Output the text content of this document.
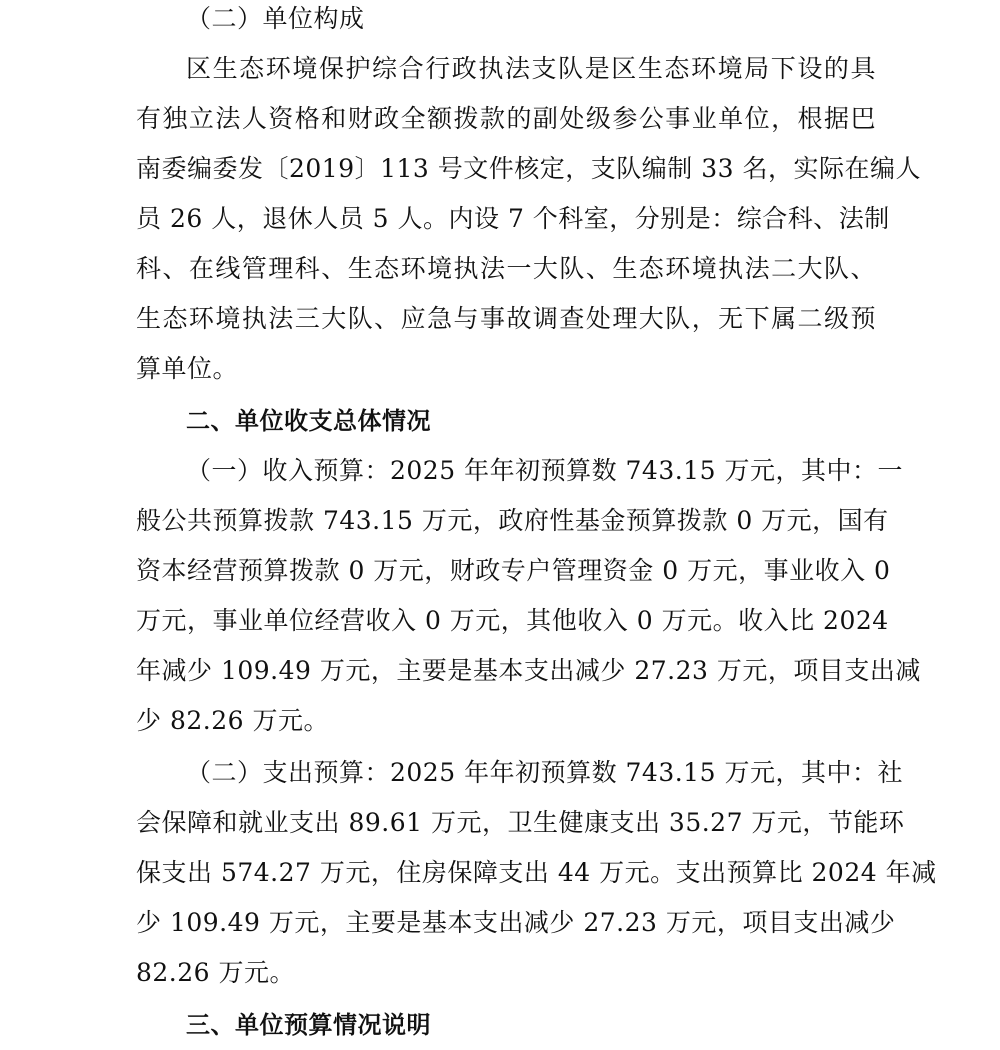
（二）单位构成
区生态环境保护综合行政执法支队是区生态环境局下设的具
有独立法人资格和财政全额拨款的副处级参公事业单位，根据巴
南委编委发〔2019〕113 号文件核定，支队编制 33 名，实际在编人
员 26 人，退休人员 5 人。内设 7 个科室，分别是：综合科、法制
科、在线管理科、生态环境执法一大队、生态环境执法二大队、
生态环境执法三大队、应急与事故调查处理大队，无下属二级预
算单位。
二、单位收支总体情况
（一）收入预算：2025 年年初预算数 743.15 万元，其中：一
般公共预算拨款 743.15 万元，政府性基金预算拨款 0 万元，国有
资本经营预算拨款 0 万元，财政专户管理资金 0 万元，事业收入 0
万元，事业单位经营收入 0 万元，其他收入 0 万元。收入比 2024
年减少 109.49 万元，主要是基本支出减少 27.23 万元，项目支出减
少 82.26 万元。
（二）支出预算：2025 年年初预算数 743.15 万元，其中：社
会保障和就业支出 89.61 万元，卫生健康支出 35.27 万元，节能环
保支出 574.27 万元，住房保障支出 44 万元。支出预算比 2024 年减
少 109.49 万元，主要是基本支出减少 27.23 万元，项目支出减少
82.26 万元。
三、单位预算情况说明
